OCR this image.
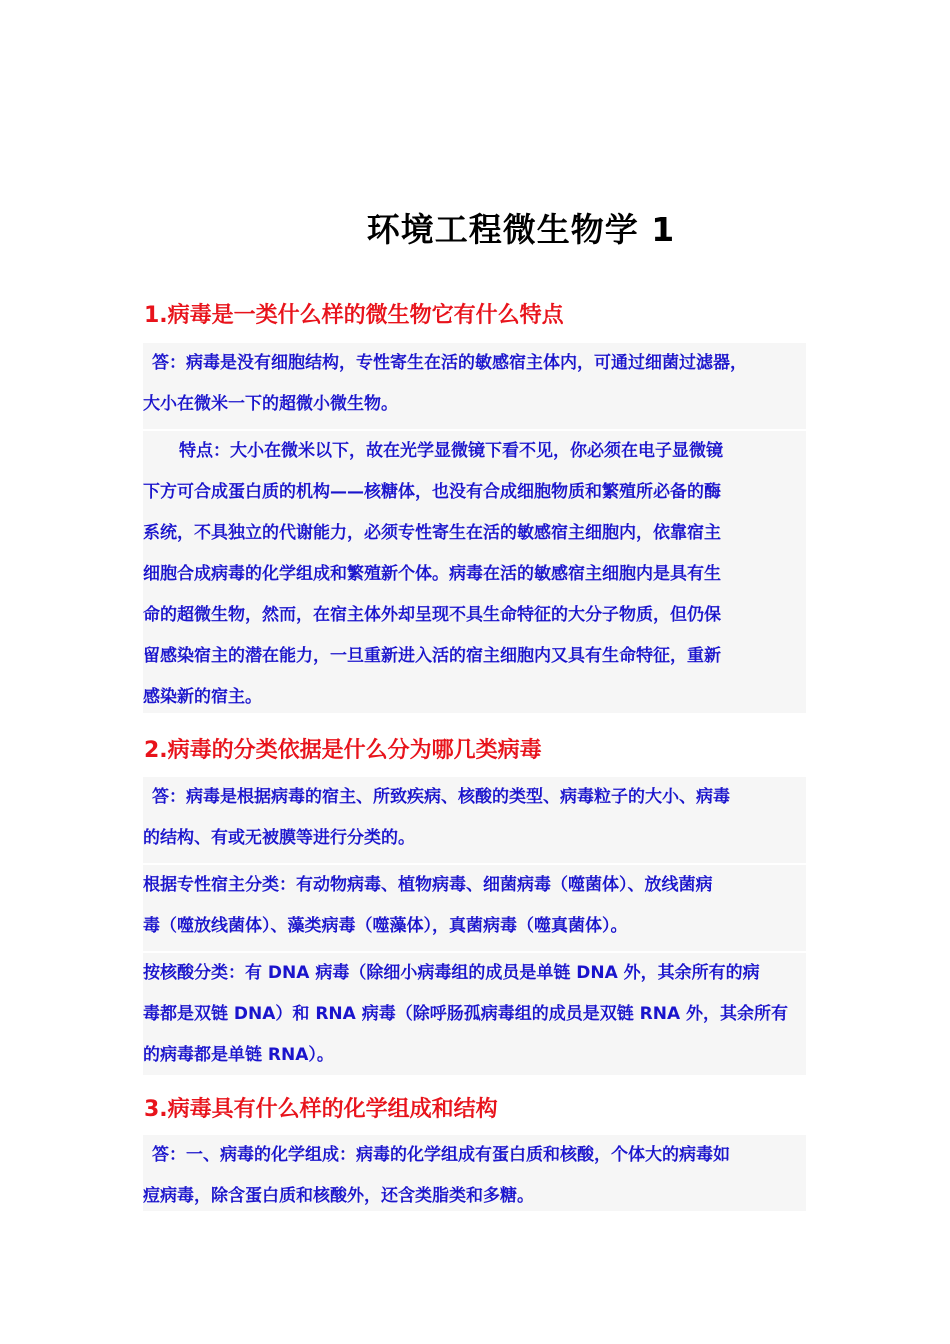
环境工程微生物学 1
1.病毒是一类什么样的微生物它有什么特点

答：病毒是没有细胞结构，专性寄生在活的敏感宿主体内，可通过细菌过滤器，
大小在微米一下的超微小微生物。

特点：大小在微米以下，故在光学显微镜下看不见，你必须在电子显微镜
下方可合成蛋白质的机构——核糖体，也没有合成细胞物质和繁殖所必备的酶
系统，不具独立的代谢能力，必须专性寄生在活的敏感宿主细胞内，依靠宿主
细胞合成病毒的化学组成和繁殖新个体。病毒在活的敏感宿主细胞内是具有生
命的超微生物，然而，在宿主体外却呈现不具生命特征的大分子物质，但仍保
留感染宿主的潜在能力，一旦重新进入活的宿主细胞内又具有生命特征，重新
感染新的宿主。

2.病毒的分类依据是什么分为哪几类病毒

答：病毒是根据病毒的宿主、所致疾病、核酸的类型、病毒粒子的大小、病毒
的结构、有或无被膜等进行分类的。

根据专性宿主分类：有动物病毒、植物病毒、细菌病毒（噬菌体）、放线菌病
毒（噬放线菌体）、藻类病毒（噬藻体），真菌病毒（噬真菌体）。

按核酸分类：有 DNA 病毒（除细小病毒组的成员是单链 DNA 外，其余所有的病
毒都是双链 DNA）和 RNA 病毒（除呼肠孤病毒组的成员是双链 RNA 外，其余所有
的病毒都是单链 RNA）。

3.病毒具有什么样的化学组成和结构

答：一、病毒的化学组成：病毒的化学组成有蛋白质和核酸，个体大的病毒如
痘病毒，除含蛋白质和核酸外，还含类脂类和多糖。
